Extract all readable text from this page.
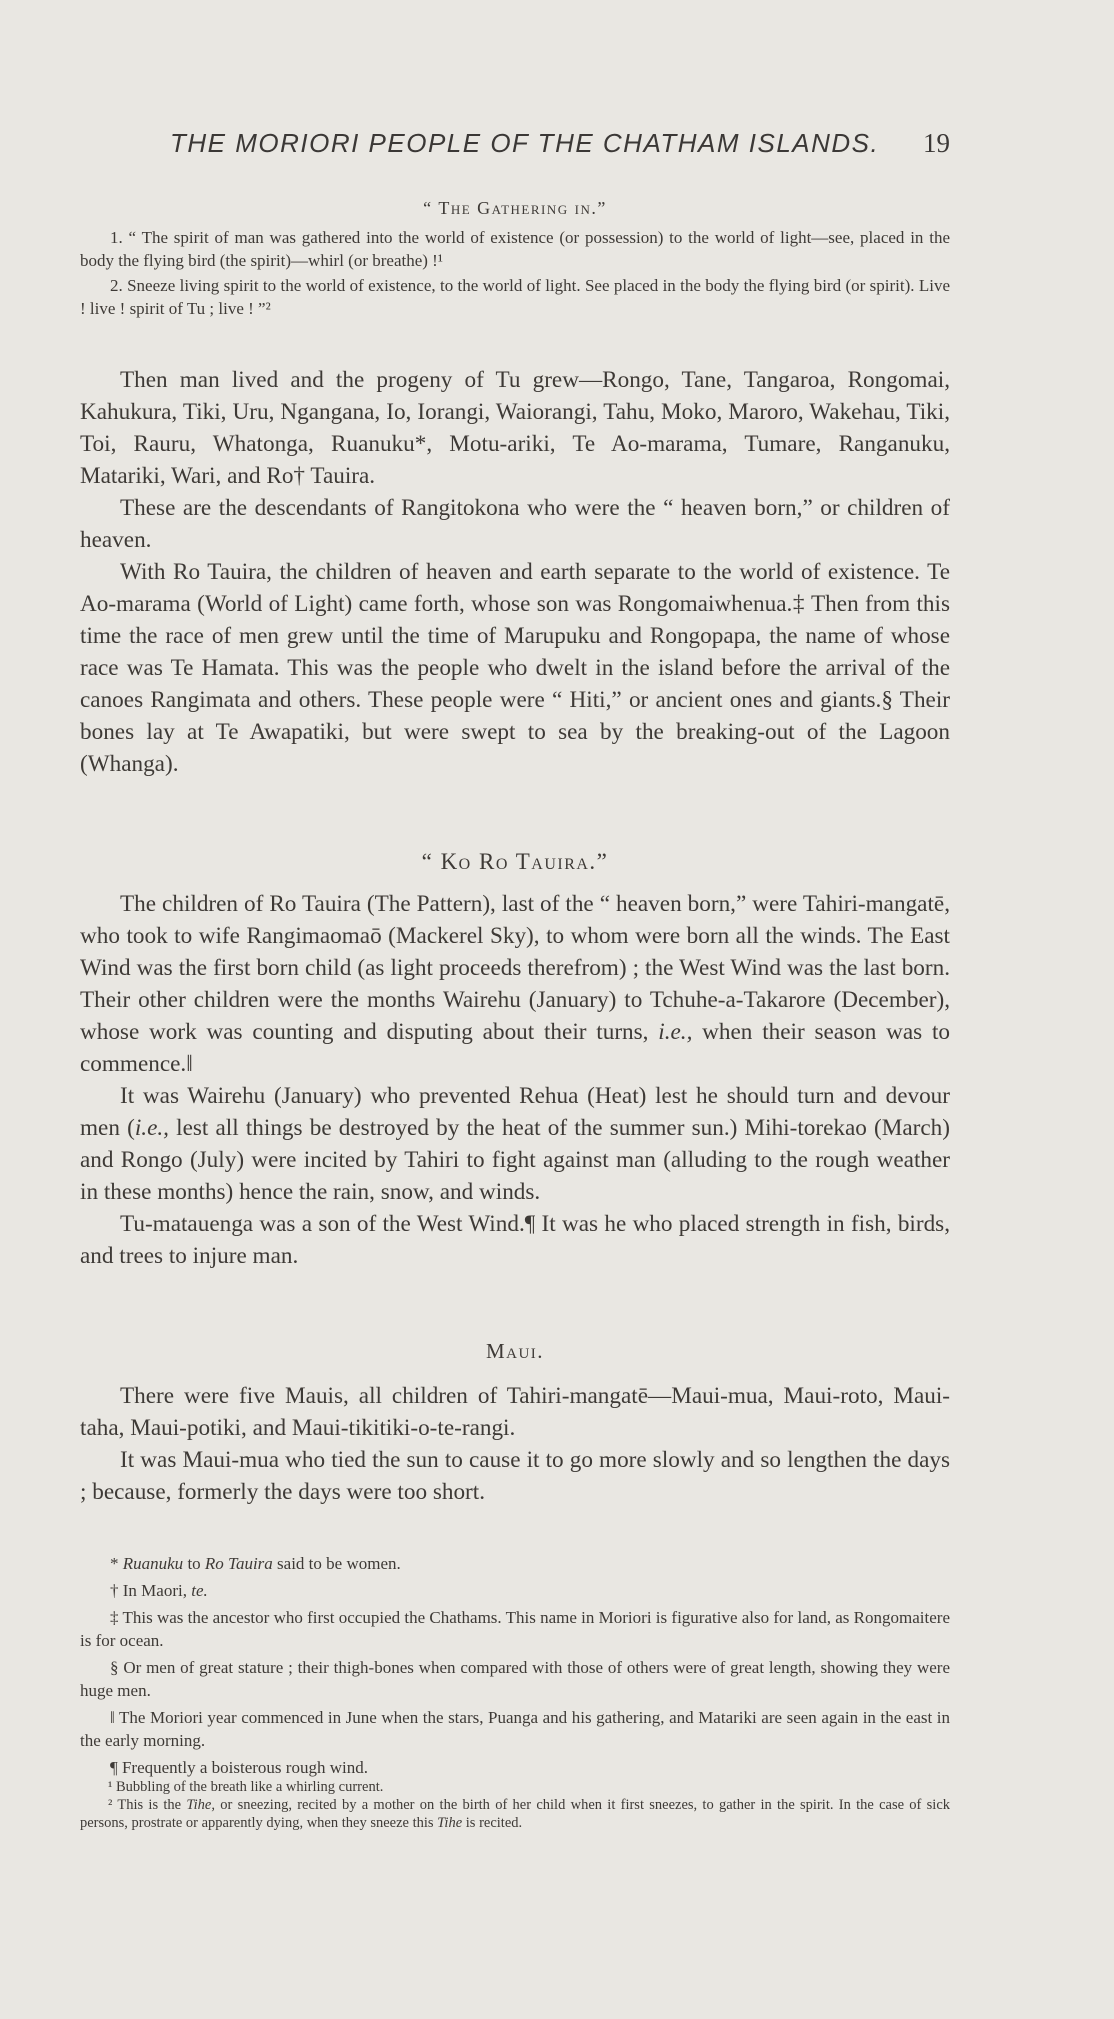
THE MORIORI PEOPLE OF THE CHATHAM ISLANDS. 19
“ The Gathering in.”

1. “ The spirit of man was gathered into the world of existence (or possession) to the world of light—see, placed in the body the flying bird (the spirit)—whirl (or breathe) !¹

2. Sneeze living spirit to the world of existence, to the world of light. See placed in the body the flying bird (or spirit). Live ! live ! spirit of Tu ; live ! ”²

Then man lived and the progeny of Tu grew—Rongo, Tane, Tangaroa, Rongomai, Kahukura, Tiki, Uru, Ngangana, Io, Iorangi, Waiorangi, Tahu, Moko, Maroro, Wakehau, Tiki, Toi, Rauru, Whatonga, Ruanuku*, Motu-ariki, Te Ao-marama, Tumare, Ranganuku, Matariki, Wari, and Ro† Tauira.

These are the descendants of Rangitokona who were the “ heaven born,” or children of heaven.

With Ro Tauira, the children of heaven and earth separate to the world of existence. Te Ao-marama (World of Light) came forth, whose son was Rongomaiwhenua.‡ Then from this time the race of men grew until the time of Marupuku and Rongopapa, the name of whose race was Te Hamata. This was the people who dwelt in the island before the arrival of the canoes Rangimata and others. These people were “ Hiti,” or ancient ones and giants.§ Their bones lay at Te Awapatiki, but were swept to sea by the breaking-out of the Lagoon (Whanga).

“ Ko Ro Tauira.”

The children of Ro Tauira (The Pattern), last of the “ heaven born,” were Tahiri-mangatē, who took to wife Rangimaomaō (Mackerel Sky), to whom were born all the winds. The East Wind was the first born child (as light proceeds therefrom) ; the West Wind was the last born. Their other children were the months Wairehu (January) to Tchuhe-a-Takarore (December), whose work was counting and disputing about their turns, i.e., when their season was to commence.‖

It was Wairehu (January) who prevented Rehua (Heat) lest he should turn and devour men (i.e., lest all things be destroyed by the heat of the summer sun.) Mihi-torekao (March) and Rongo (July) were incited by Tahiri to fight against man (alluding to the rough weather in these months) hence the rain, snow, and winds.

Tu-matauenga was a son of the West Wind.¶ It was he who placed strength in fish, birds, and trees to injure man.

Maui.

There were five Mauis, all children of Tahiri-mangatē—Maui-mua, Maui-roto, Maui-taha, Maui-potiki, and Maui-tikitiki-o-te-rangi.

It was Maui-mua who tied the sun to cause it to go more slowly and so lengthen the days ; because, formerly the days were too short.

* Ruanuku to Ro Tauira said to be women.

† In Maori, te.

‡ This was the ancestor who first occupied the Chathams. This name in Moriori is figurative also for land, as Rongomaitere is for ocean.

§ Or men of great stature ; their thigh-bones when compared with those of others were of great length, showing they were huge men.

‖ The Moriori year commenced in June when the stars, Puanga and his gathering, and Matariki are seen again in the east in the early morning.

¶ Frequently a boisterous rough wind.

¹ Bubbling of the breath like a whirling current.

² This is the Tihe, or sneezing, recited by a mother on the birth of her child when it first sneezes, to gather in the spirit. In the case of sick persons, prostrate or apparently dying, when they sneeze this Tihe is recited.
